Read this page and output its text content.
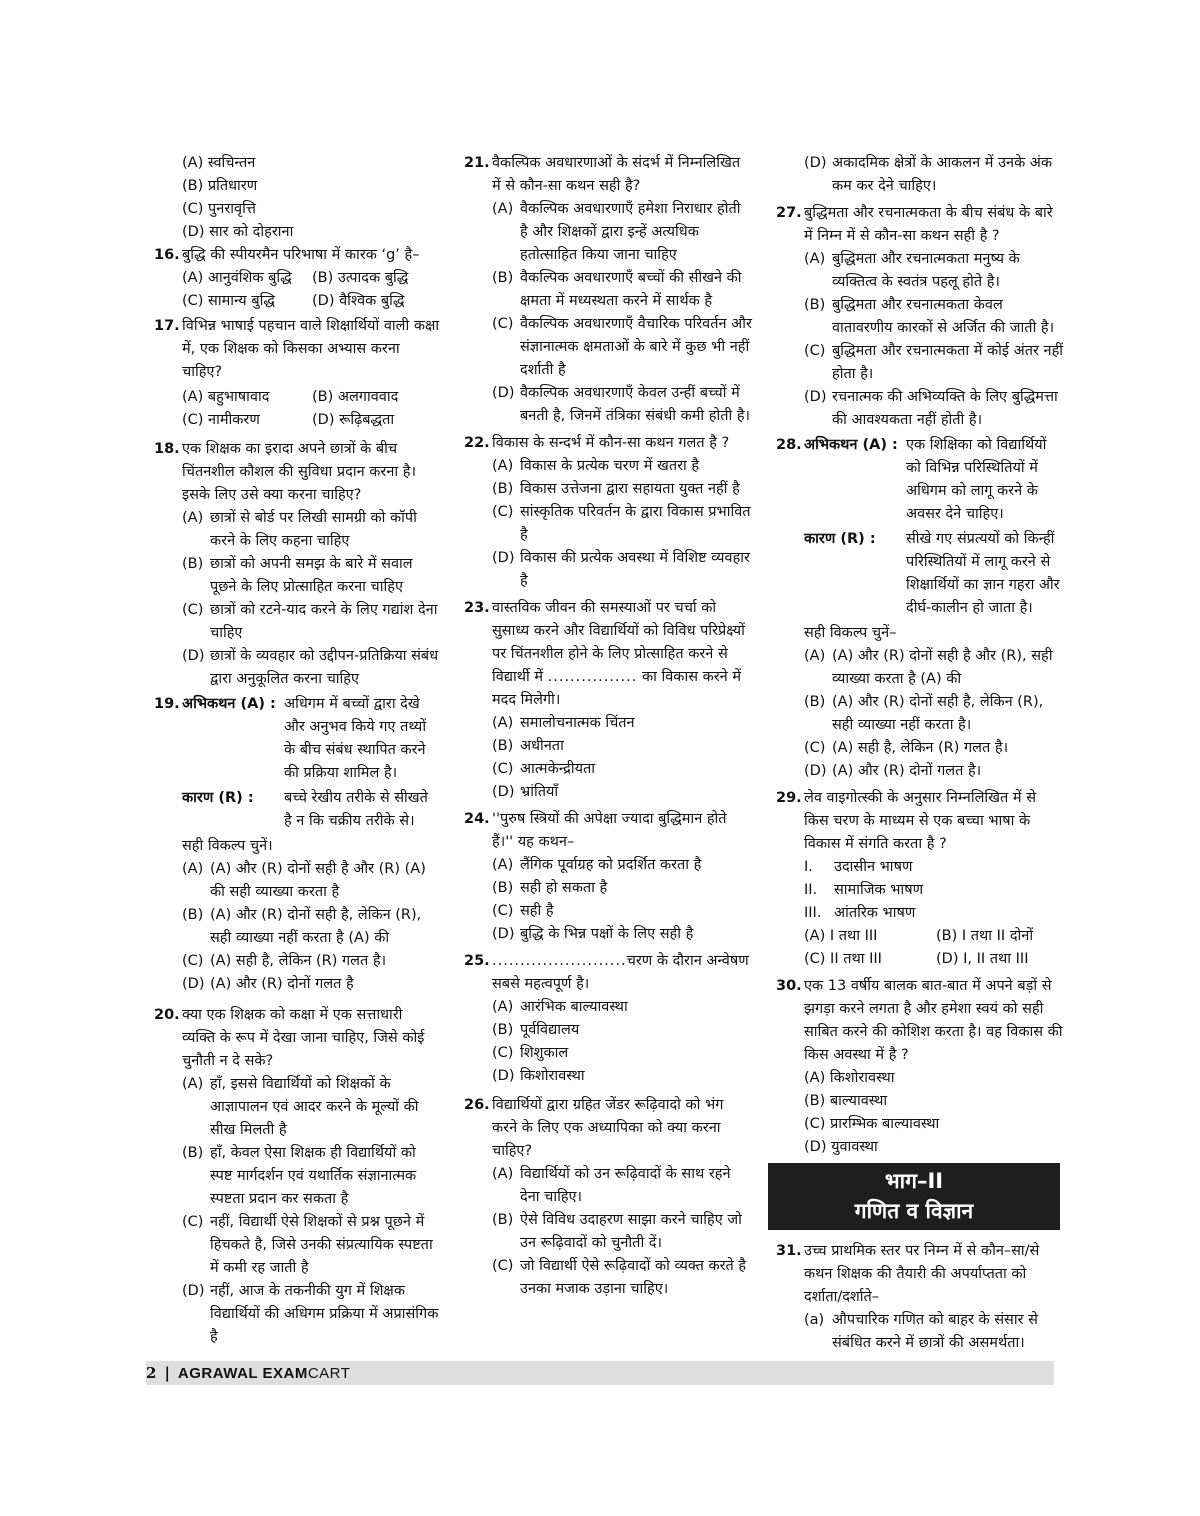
(A) स्वचिन्तन
(B) प्रतिधारण
(C) पुनरावृत्ति
(D) सार को दोहराना
16. बुद्धि की स्पीयरमैन परिभाषा में कारक ‘g’ है–

(A) आनुवंशिक बुद्धि	(B) उत्पादक बुद्धि
(C) सामान्य बुद्धि	(D) वैश्विक बुद्धि
17. विभिन्न भाषाई पहचान वाले शिक्षार्थियों वाली कक्षा में, एक शिक्षक को किसका अभ्यास करना चाहिए?

(A) बहुभाषावाद	(B) अलगाववाद
(C) नामीकरण	(D) रूढ़िबद्धता
18. एक शिक्षक का इरादा अपने छात्रों के बीच चिंतनशील कौशल की सुविधा प्रदान करना है। इसके लिए उसे क्या करना चाहिए?

(A) छात्रों से बोर्ड पर लिखी सामग्री को कॉपी करने के लिए कहना चाहिए
(B) छात्रों को अपनी समझ के बारे में सवाल पूछने के लिए प्रोत्साहित करना चाहिए
(C) छात्रों को रटने-याद करने के लिए गद्यांश देना चाहिए
(D) छात्रों के व्यवहार को उद्दीपन-प्रतिक्रिया संबंध द्वारा अनुकूलित करना चाहिए
19. अभिकथन (A) : अधिगम में बच्चों द्वारा देखे और अनुभव किये गए तथ्यों के बीच संबंध स्थापित करने की प्रक्रिया शामिल है।
कारण (R) :	बच्चे रेखीय तरीके से सीखते है न कि चक्रीय तरीके से।
सही विकल्प चुनें।
(A) (A) और (R) दोनों सही है और (R) (A) की सही व्याख्या करता है
(B) (A) और (R) दोनों सही है, लेकिन (R), सही व्याख्या नहीं करता है (A) की
(C) (A) सही है, लेकिन (R) गलत है।
(D) (A) और (R) दोनों गलत है
20. क्या एक शिक्षक को कक्षा में एक सत्ताधारी व्यक्ति के रूप में देखा जाना चाहिए, जिसे कोई चुनौती न दे सके?

(A) हाँ, इससे विद्यार्थियों को शिक्षकों के आज्ञापालन एवं आदर करने के मूल्यों की सीख मिलती है
(B) हाँ, केवल ऐसा शिक्षक ही विद्यार्थियों को स्पष्ट मार्गदर्शन एवं यथार्तिक संज्ञानात्मक स्पष्टता प्रदान कर सकता है
(C) नहीं, विद्यार्थी ऐसे शिक्षकों से प्रश्न पूछने में हिचकते है, जिसे उनकी संप्रत्यायिक स्पष्टता में कमी रह जाती है
(D) नहीं, आज के तकनीकी युग में शिक्षक विद्यार्थियों की अधिगम प्रक्रिया में अप्रासंगिक है
21. वैकल्पिक अवधारणाओं के संदर्भ में निम्नलिखित में से कौन-सा कथन सही है?

(A) वैकल्पिक अवधारणाएँ हमेशा निराधार होती है और शिक्षकों द्वारा इन्हें अत्यधिक हतोत्साहित किया जाना चाहिए
(B) वैकल्पिक अवधारणाएँ बच्चों की सीखने की क्षमता में मध्यस्थता करने में सार्थक है
(C) वैकल्पिक अवधारणाएँ वैचारिक परिवर्तन और संज्ञानात्मक क्षमताओं के बारे में कुछ भी नहीं दर्शाती है
(D) वैकल्पिक अवधारणाएँ केवल उन्हीं बच्चों में बनती है, जिनमें तंत्रिका संबंधी कमी होती है।
22. विकास के सन्दर्भ में कौन-सा कथन गलत है ?

(A) विकास के प्रत्येक चरण में खतरा है
(B) विकास उत्तेजना द्वारा सहायता युक्त नहीं है
(C) सांस्कृतिक परिवर्तन के द्वारा विकास प्रभावित है
(D) विकास की प्रत्येक अवस्था में विशिष्ट व्यवहार है
23. वास्तविक जीवन की समस्याओं पर चर्चा को सुसाध्य करने और विद्यार्थियों को विविध परिप्रेक्ष्यों पर चिंतनशील होने के लिए प्रोत्साहित करने से विद्यार्थी में ................ का विकास करने में मदद मिलेगी।

(A) समालोचनात्मक चिंतन
(B) अधीनता
(C) आत्मकेन्द्रीयता
(D) भ्रांतियाँ
24. ''पुरुष स्त्रियों की अपेक्षा ज्यादा बुद्धिमान होते हैं।'' यह कथन–

(A) लैंगिक पूर्वाग्रह को प्रदर्शित करता है
(B) सही हो सकता है
(C) सही है
(D) बुद्धि के भिन्न पक्षों के लिए सही है
25. ........................चरण के दौरान अन्वेषण सबसे महत्वपूर्ण है।

(A) आरंभिक बाल्यावस्था
(B) पूर्वविद्यालय
(C) शिशुकाल
(D) किशोरावस्था
26. विद्यार्थियों द्वारा ग्रहित जेंडर रूढ़िवादो को भंग करने के लिए एक अध्यापिका को क्या करना चाहिए?

(A) विद्यार्थियों को उन रूढ़िवादों के साथ रहने देना चाहिए।
(B) ऐसे विविध उदाहरण साझा करने चाहिए जो उन रूढ़िवादों को चुनौती दें।
(C) जो विद्यार्थी ऐसे रूढ़िवादों को व्यक्त करते है उनका मजाक उड़ाना चाहिए।
(D) अकादमिक क्षेत्रों के आकलन में उनके अंक कम कर देने चाहिए।
27. बुद्धिमता और रचनात्मकता के बीच संबंध के बारे में निम्न में से कौन-सा कथन सही है ?

(A) बुद्धिमता और रचनात्मकता मनुष्य के व्यक्तित्व के स्वतंत्र पहलू होते है।
(B) बुद्धिमता और रचनात्मकता केवल वातावरणीय कारकों से अर्जित की जाती है।
(C) बुद्धिमता और रचनात्मकता में कोई अंतर नहीं होता है।
(D) रचनात्मक की अभिव्यक्ति के लिए बुद्धिमत्ता की आवश्यकता नहीं होती है।
28. अभिकथन (A) : एक शिक्षिका को विद्यार्थियों को विभिन्न परिस्थितियों में अधिगम को लागू करने के अवसर देने चाहिए।
कारण (R) :	सीखे गए संप्रत्ययों को किन्हीं परिस्थितियों में लागू करने से शिक्षार्थियों का ज्ञान गहरा और दीर्घ-कालीन हो जाता है।
सही विकल्प चुनें–
(A) (A) और (R) दोनों सही है और (R), सही व्याख्या करता है (A) की
(B) (A) और (R) दोनों सही है, लेकिन (R), सही व्याख्या नहीं करता है।
(C) (A) सही है, लेकिन (R) गलत है।
(D) (A) और (R) दोनों गलत है।
29. लेव वाइगोत्स्की के अनुसार निम्नलिखित में से किस चरण के माध्यम से एक बच्चा भाषा के विकास में संगति करता है ?

I. उदासीन भाषण
II. सामाजिक भाषण
III. आंतरिक भाषण
(A) I तथा III	(B) I तथा II दोनों
(C) II तथा III	(D) I, II तथा III
30. एक 13 वर्षीय बालक बात-बात में अपने बड़ों से झगड़ा करने लगता है और हमेशा स्वयं को सही साबित करने की कोशिश करता है। वह विकास की किस अवस्था में है ?

(A) किशोरावस्था
(B) बाल्यावस्था
(C) प्रारम्भिक बाल्यावस्था
(D) युवावस्था
भाग–II
गणित व विज्ञान
31. उच्च प्राथमिक स्तर पर निम्न में से कौन–सा/से कथन शिक्षक की तैयारी की अपर्याप्तता को दर्शाता/दर्शाते–

(a) औपचारिक गणित को बाहर के संसार से संबंधित करने में छात्रों की असमर्थता।
2 | AGRAWAL EXAMCART
